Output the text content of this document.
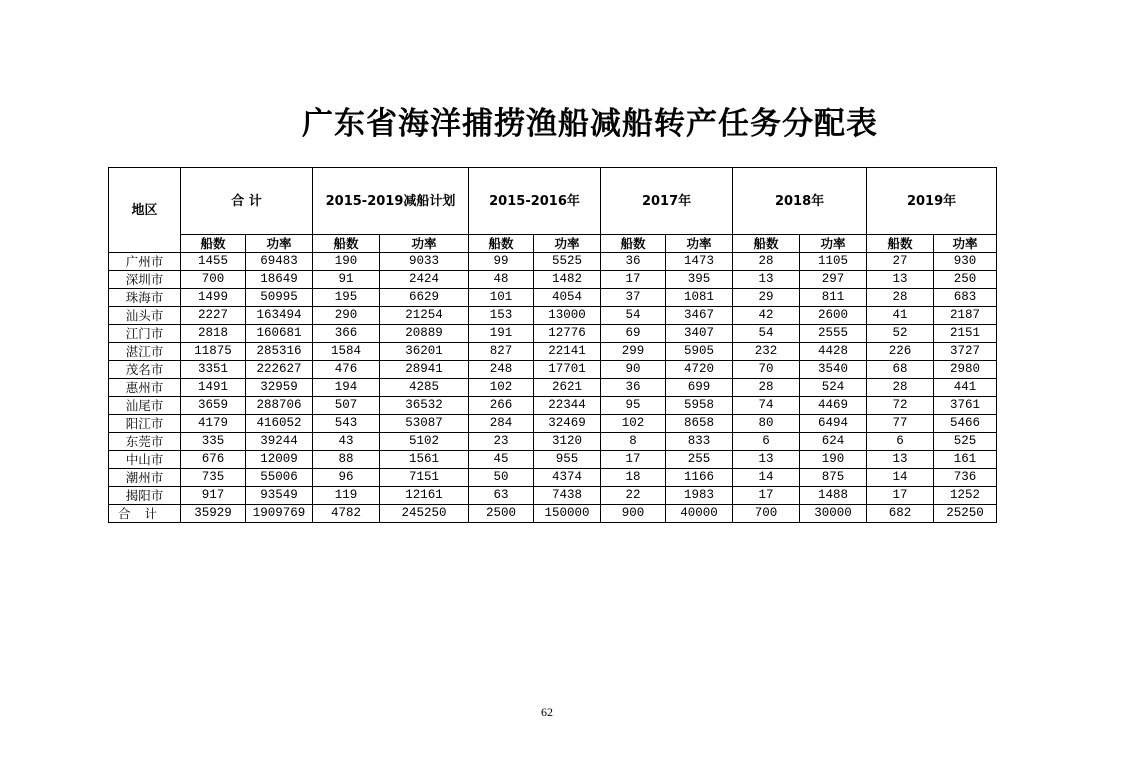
广东省海洋捕捞渔船减船转产任务分配表
地区	合 计		2015-2019减船计划		2015-2016年		2017年		2018年		2019年	
	船数	功率	船数	功率	船数	功率	船数	功率	船数	功率	船数	功率
广州市	1455	69483	190	9033	99	5525	36	1473	28	1105	27	930
深圳市	700	18649	91	2424	48	1482	17	395	13	297	13	250
珠海市	1499	50995	195	6629	101	4054	37	1081	29	811	28	683
汕头市	2227	163494	290	21254	153	13000	54	3467	42	2600	41	2187
江门市	2818	160681	366	20889	191	12776	69	3407	54	2555	52	2151
湛江市	11875	285316	1584	36201	827	22141	299	5905	232	4428	226	3727
茂名市	3351	222627	476	28941	248	17701	90	4720	70	3540	68	2980
惠州市	1491	32959	194	4285	102	2621	36	699	28	524	28	441
汕尾市	3659	288706	507	36532	266	22344	95	5958	74	4469	72	3761
阳江市	4179	416052	543	53087	284	32469	102	8658	80	6494	77	5466
东莞市	335	39244	43	5102	23	3120	8	833	6	624	6	525
中山市	676	12009	88	1561	45	955	17	255	13	190	13	161
潮州市	735	55006	96	7151	50	4374	18	1166	14	875	14	736
揭阳市	917	93549	119	12161	63	7438	22	1983	17	1488	17	1252
合计	35929	1909769	4782	245250	2500	150000	900	40000	700	30000	682	25250
62
